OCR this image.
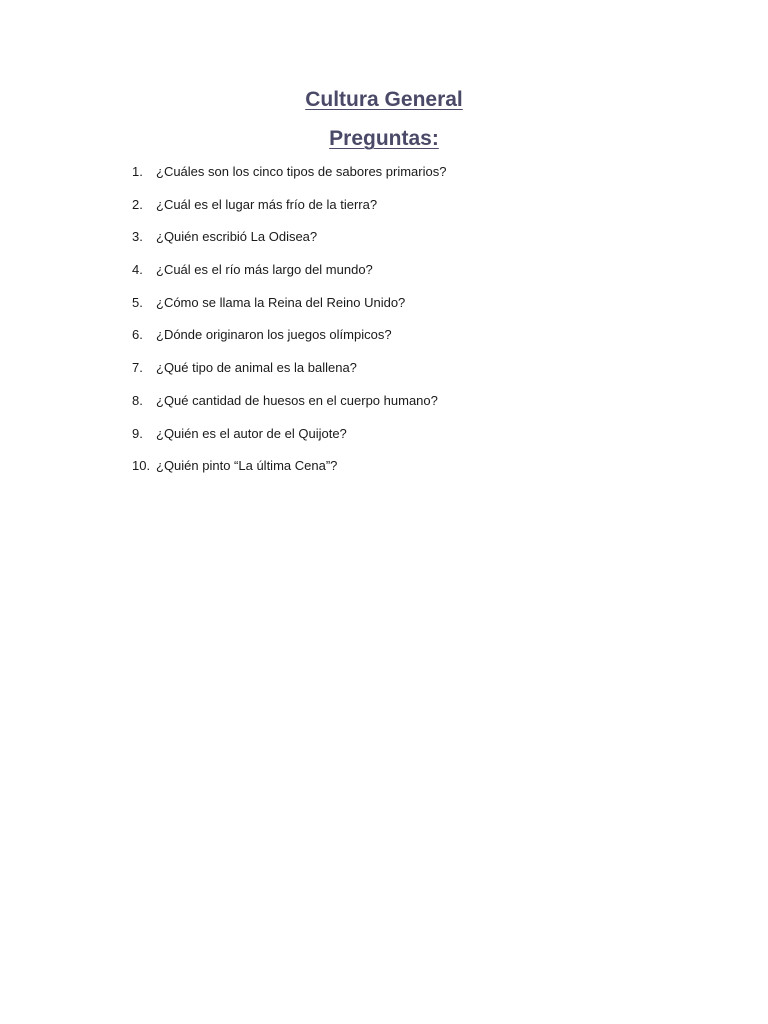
Cultura General
Preguntas:
1.	¿Cuáles son los cinco tipos de sabores primarios?
2.	¿Cuál es el lugar más frío de la tierra?
3.	¿Quién escribió La Odisea?
4.	¿Cuál es el río más largo del mundo?
5.	¿Cómo se llama la Reina del Reino Unido?
6.	¿Dónde originaron los juegos olímpicos?
7.	¿Qué tipo de animal es la ballena?
8.	¿Qué cantidad de huesos en el cuerpo humano?
9.	¿Quién es el autor de el Quijote?
10. ¿Quién pinto “La última Cena”?
